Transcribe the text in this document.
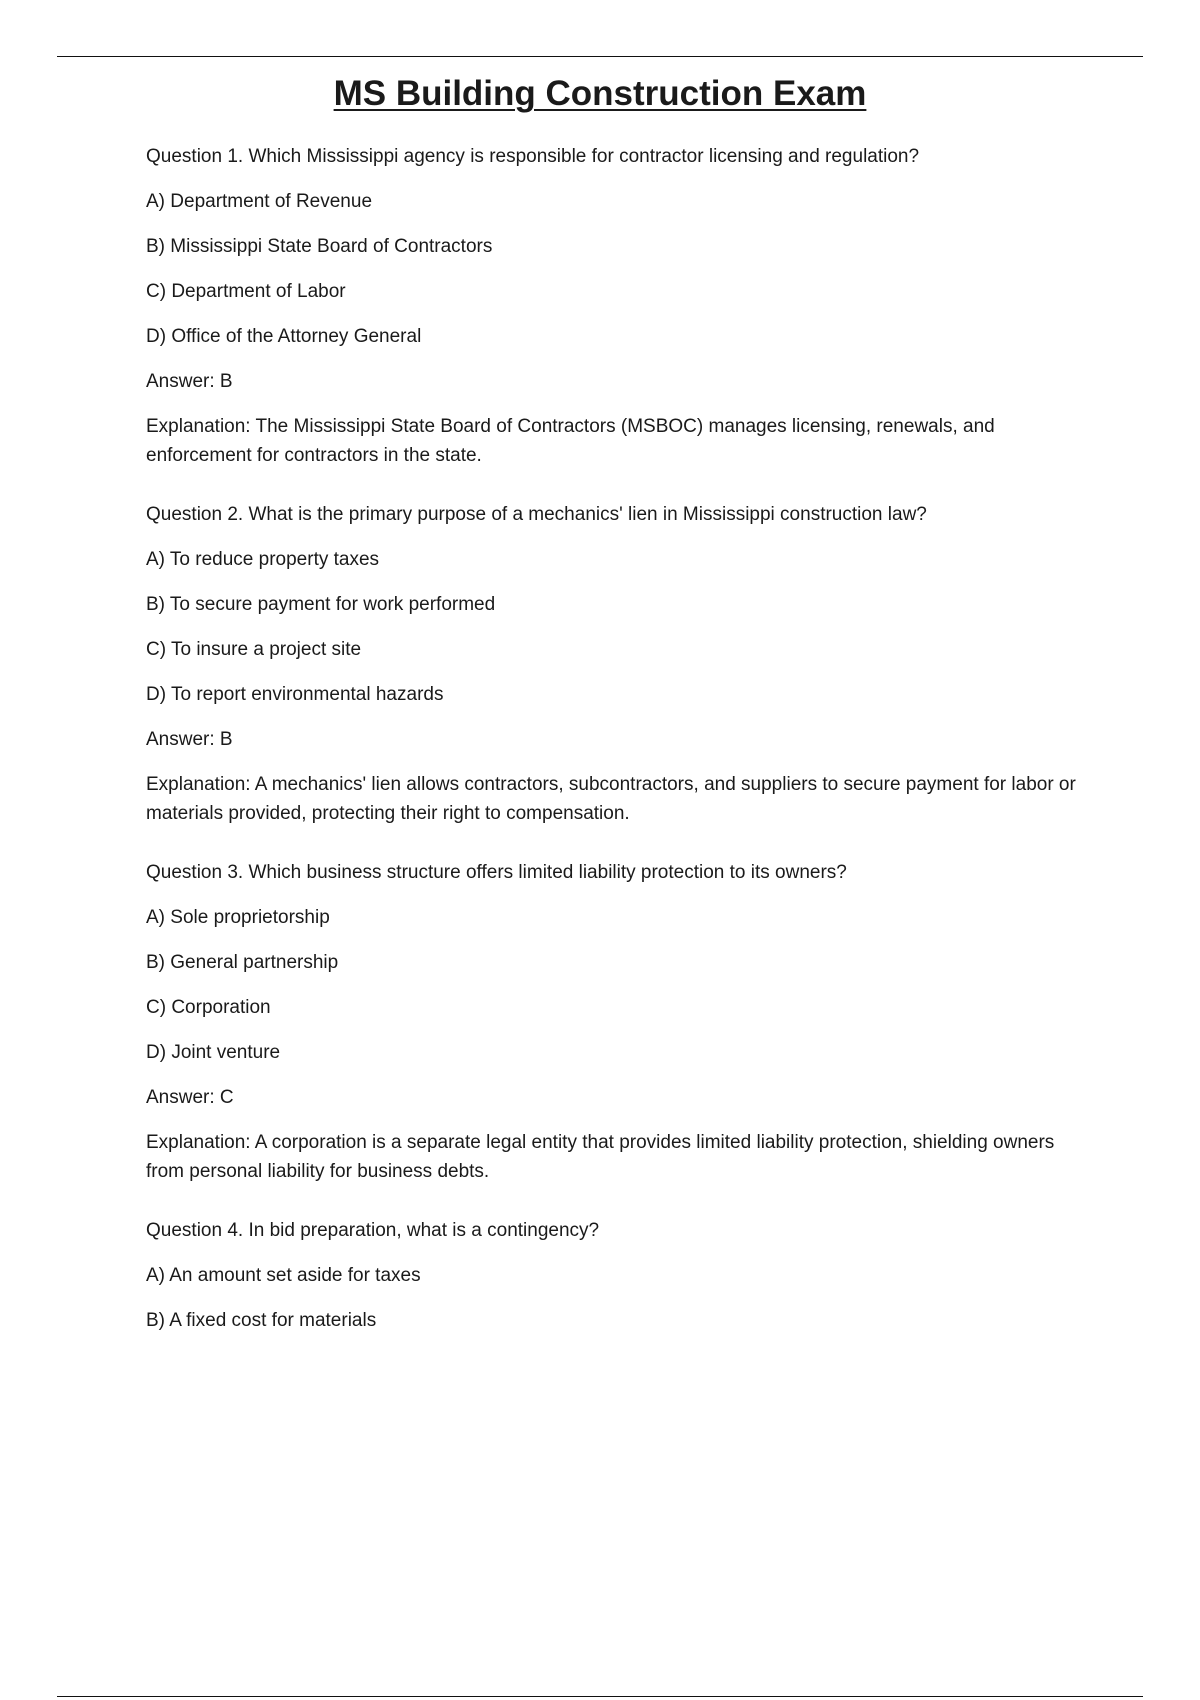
MS Building Construction Exam

Question 1. Which Mississippi agency is responsible for contractor licensing and regulation?

A) Department of Revenue

B) Mississippi State Board of Contractors

C) Department of Labor

D) Office of the Attorney General

Answer: B

Explanation: The Mississippi State Board of Contractors (MSBOC) manages licensing, renewals, and enforcement for contractors in the state.

Question 2. What is the primary purpose of a mechanics' lien in Mississippi construction law?

A) To reduce property taxes

B) To secure payment for work performed

C) To insure a project site

D) To report environmental hazards

Answer: B

Explanation: A mechanics' lien allows contractors, subcontractors, and suppliers to secure payment for labor or materials provided, protecting their right to compensation.

Question 3. Which business structure offers limited liability protection to its owners?

A) Sole proprietorship

B) General partnership

C) Corporation

D) Joint venture

Answer: C

Explanation: A corporation is a separate legal entity that provides limited liability protection, shielding owners from personal liability for business debts.

Question 4. In bid preparation, what is a contingency?

A) An amount set aside for taxes

B) A fixed cost for materials
